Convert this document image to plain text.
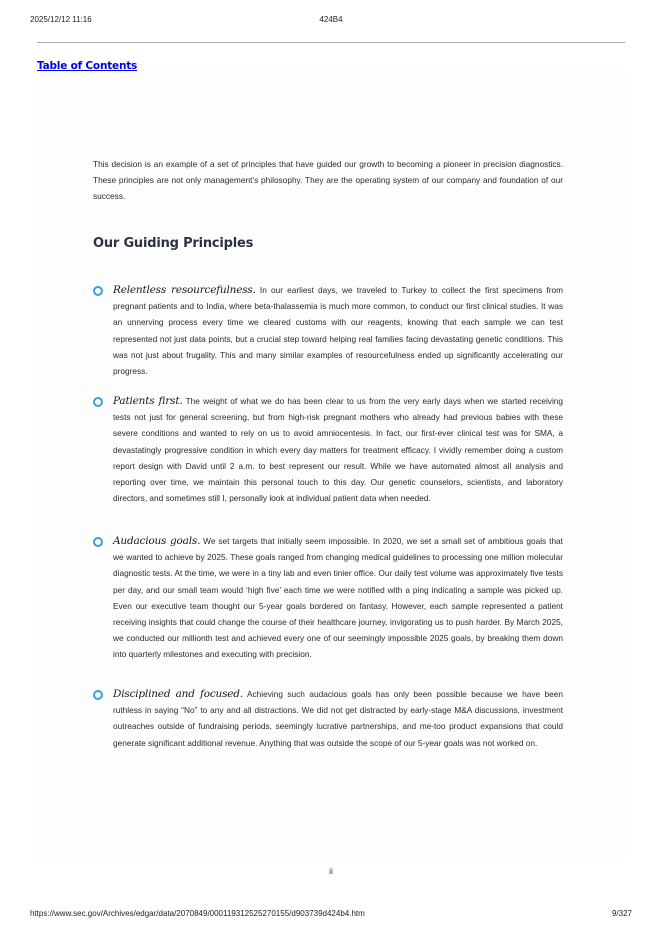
2025/12/12 11:16	424B4
Table of Contents

This decision is an example of a set of principles that have guided our growth to becoming a pioneer in precision diagnostics. These principles are not only management’s philosophy. They are the operating system of our company and foundation of our success.

Our Guiding Principles
Relentless resourcefulness. In our earliest days, we traveled to Turkey to collect the first specimens from pregnant patients and to India, where beta-thalassemia is much more common, to conduct our first clinical studies. It was an unnerving process every time we cleared customs with our reagents, knowing that each sample we can test represented not just data points, but a crucial step toward helping real families facing devastating genetic conditions. This was not just about frugality. This and many similar examples of resourcefulness ended up significantly accelerating our progress.
Patients first. The weight of what we do has been clear to us from the very early days when we started receiving tests not just for general screening, but from high-risk pregnant mothers who already had previous babies with these severe conditions and wanted to rely on us to avoid amniocentesis. In fact, our first-ever clinical test was for SMA, a devastatingly progressive condition in which every day matters for treatment efficacy. I vividly remember doing a custom report design with David until 2 a.m. to best represent our result. While we have automated almost all analysis and reporting over time, we maintain this personal touch to this day. Our genetic counselors, scientists, and laboratory directors, and sometimes still I, personally look at individual patient data when needed.
Audacious goals. We set targets that initially seem impossible. In 2020, we set a small set of ambitious goals that we wanted to achieve by 2025. These goals ranged from changing medical guidelines to processing one million molecular diagnostic tests. At the time, we were in a tiny lab and even tinier office. Our daily test volume was approximately five tests per day, and our small team would ‘high five’ each time we were notified with a ping indicating a sample was picked up. Even our executive team thought our 5-year goals bordered on fantasy. However, each sample represented a patient receiving insights that could change the course of their healthcare journey, invigorating us to push harder. By March 2025, we conducted our millionth test and achieved every one of our seemingly impossible 2025 goals, by breaking them down into quarterly milestones and executing with precision.
Disciplined and focused. Achieving such audacious goals has only been possible because we have been ruthless in saying “No” to any and all distractions. We did not get distracted by early-stage M&A discussions, investment outreaches outside of fundraising periods, seemingly lucrative partnerships, and me-too product expansions that could generate significant additional revenue. Anything that was outside the scope of our 5-year goals was not worked on.
ii
https://www.sec.gov/Archives/edgar/data/2070849/000119312525270155/d903739d424b4.htm	9/327
